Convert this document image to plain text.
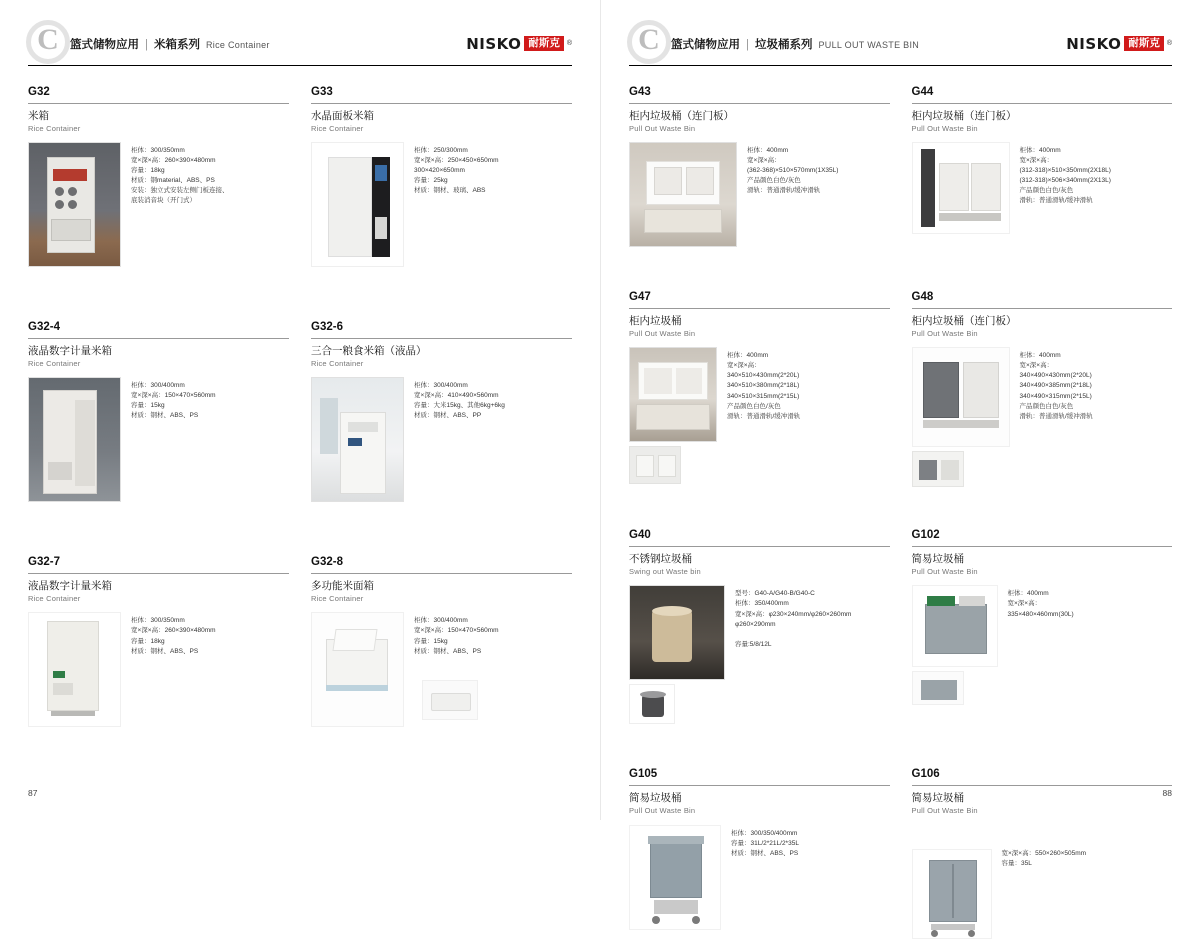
C 篮式储物应用 | 米箱系列 Rice Container	NISKO 耐斯克	®
G32
米箱
Rice Container
柜体：300/350mm
宽×深×高：260×390×480mm
容量：18kg
材质：钢material、ABS、PS
安装：独立式安装左侧门板连接、
底装消音块（开门式）
G33
水晶面板米箱
Rice Container
柜体：250/300mm
宽×深×高：250×450×650mm
300×420×650mm
容量：25kg
材质：钢材、玻璃、ABS
G32-4
液晶数字计量米箱
Rice Container
柜体：300/400mm
宽×深×高：150×470×560mm
容量：15kg
材质：钢材、ABS、PS
G32-6
三合一粮食米箱（液晶）
Rice Container
柜体：300/400mm
宽×深×高：410×490×560mm
容量：大米15kg、其他6kg+6kg
材质：钢材、ABS、PP
G32-7
液晶数字计量米箱
Rice Container
柜体：300/350mm
宽×深×高：260×390×480mm
容量：18kg
材质：钢材、ABS、PS
G32-8
多功能米面箱
Rice Container
柜体：300/400mm
宽×深×高：150×470×560mm
容量：15kg
材质：钢材、ABS、PS
87
C 篮式储物应用 | 垃圾桶系列 PULL OUT WASTE BIN	NISKO 耐斯克	®
G43
柜内垃圾桶（连门板）
Pull Out Waste Bin
柜体：400mm
宽×深×高：
(362-368)×510×570mm(1X35L)
产品颜色白色/灰色
滑轨：普通滑轨/缓冲滑轨
G44
柜内垃圾桶（连门板）
Pull Out Waste Bin
柜体：400mm
宽×深×高：
(312-318)×510×350mm(2X18L)
(312-318)×506×340mm(2X13L)
产品颜色白色/灰色
滑轨：普通滑轨/缓冲滑轨
G47
柜内垃圾桶
Pull Out Waste Bin
柜体：400mm
宽×深×高：
340×510×430mm(2*20L)
340×510×380mm(2*18L)
340×510×315mm(2*15L)
产品颜色白色/灰色
滑轨：普通滑轨/缓冲滑轨
G48
柜内垃圾桶（连门板）
Pull Out Waste Bin
柜体：400mm
宽×深×高：
340×490×430mm(2*20L)
340×490×385mm(2*18L)
340×490×315mm(2*15L)
产品颜色白色/灰色
滑轨：普通滑轨/缓冲滑轨
G40
不锈钢垃圾桶
Swing out Waste bin
型号：G40-A/G40-B/G40-C
柜体：350/400mm
宽×深×高：φ230×240mm/φ260×260mm
φ260×290mm

容量:5/8/12L
G102
简易垃圾桶
Pull Out Waste Bin
柜体：400mm
宽×深×高：
335×480×460mm(30L)
G105
简易垃圾桶
Pull Out Waste Bin
柜体：300/350/400mm
容量：31L/2*21L/2*35L
材质：钢材、ABS、PS
G106
简易垃圾桶
Pull Out Waste Bin
宽×深×高：550×260×505mm
容量：35L
88
